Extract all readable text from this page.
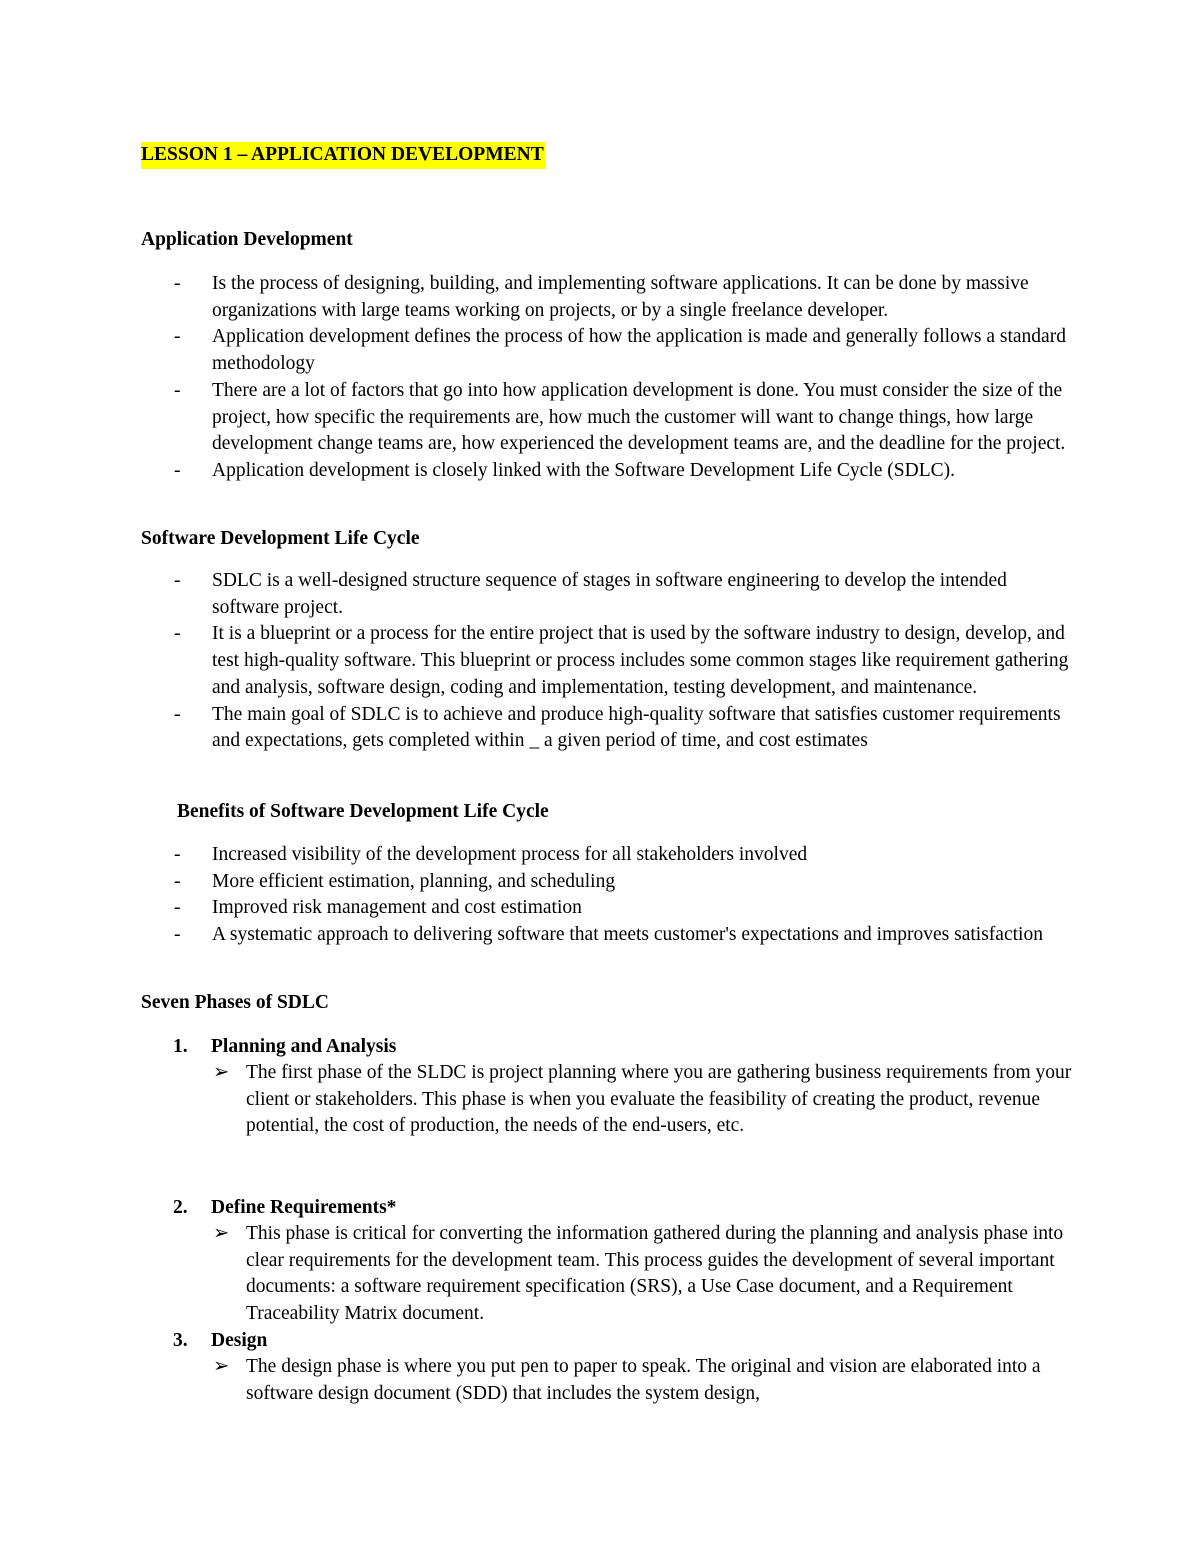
LESSON 1 – APPLICATION DEVELOPMENT
Application Development
- Is the process of designing, building, and implementing software applications. It can be done by massive organizations with large teams working on projects, or by a single freelance developer.
- Application development defines the process of how the application is made and generally follows a standard methodology
- There are a lot of factors that go into how application development is done. You must consider the size of the project, how specific the requirements are, how much the customer will want to change things, how large development change teams are, how experienced the development teams are, and the deadline for the project.
- Application development is closely linked with the Software Development Life Cycle (SDLC).
Software Development Life Cycle
- SDLC is a well-designed structure sequence of stages in software engineering to develop the intended software project.
- It is a blueprint or a process for the entire project that is used by the software industry to design, develop, and test high-quality software. This blueprint or process includes some common stages like requirement gathering and analysis, software design, coding and implementation, testing development, and maintenance.
- The main goal of SDLC is to achieve and produce high-quality software that satisfies customer requirements and expectations, gets completed within _ a given period of time, and cost estimates
Benefits of Software Development Life Cycle
- Increased visibility of the development process for all stakeholders involved
- More efficient estimation, planning, and scheduling
- Improved risk management and cost estimation
- A systematic approach to delivering software that meets customer's expectations and improves satisfaction
Seven Phases of SDLC
1. Planning and Analysis
➢ The first phase of the SLDC is project planning where you are gathering business requirements from your client or stakeholders. This phase is when you evaluate the feasibility of creating the product, revenue potential, the cost of production, the needs of the end-users, etc.
2. Define Requirements*
➢ This phase is critical for converting the information gathered during the planning and analysis phase into clear requirements for the development team. This process guides the development of several important documents: a software requirement specification (SRS), a Use Case document, and a Requirement Traceability Matrix document.
3. Design
➢ The design phase is where you put pen to paper to speak. The original and vision are elaborated into a software design document (SDD) that includes the system design,
